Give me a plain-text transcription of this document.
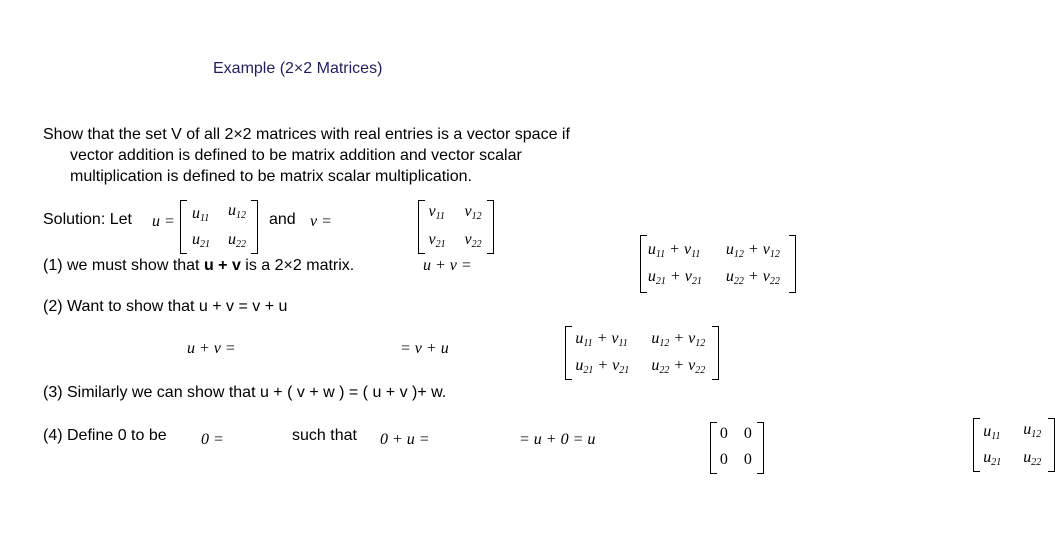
Example (2×2 Matrices)
Show that the set V of all 2×2 matrices with real entries is a vector space if
vector addition is defined to be matrix addition and vector scalar
multiplication is defined to be matrix scalar multiplication.
Solution: Let $u = u_{11}$ $u_{12}$
$u_{21}$ $u_{22}$

and v =
$v_{11}$ $v_{12}$
$v_{21}$ $v_{22}$

(1) we must show that u + v is a 2×2 matrix.	u + v =
$u_{11} + v_{11}$ $u_{12} + v_{12}$
$u_{21} + v_{21}$ $u_{22} + v_{22}$

(2) Want to show that u + v = v + u
u + v =
$u_{11} + v_{11}$ $u_{12} + v_{12}$
$u_{21} + v_{21}$ $u_{22} + v_{22}$

= v + u
(3) Similarly we can show that u + ( v + w ) = ( u + v )+ w.
(4) Define 0 to be 0 =	0 0
0 0

such that 0 + u =	$u_{11}$ $u_{12}$
$u_{21}$ $u_{22}$
= u + 0 = u
